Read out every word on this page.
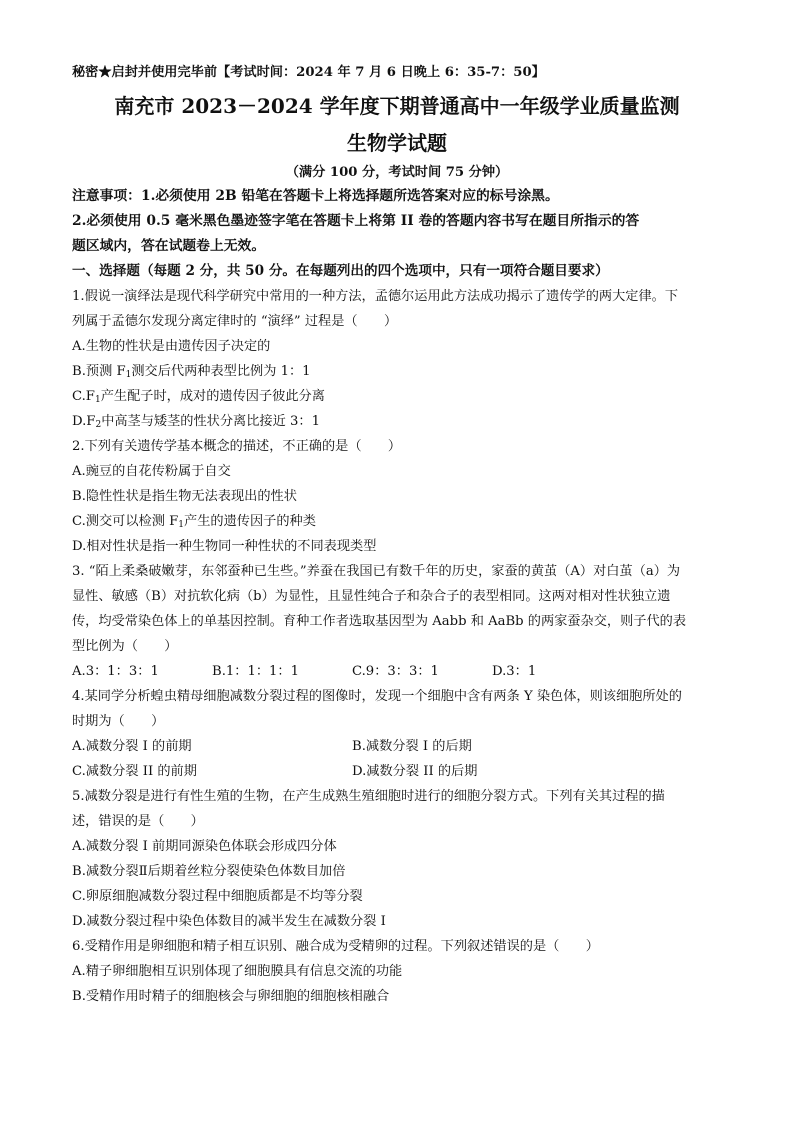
秘密★启封并使用完毕前【考试时间：2024 年 7 月 6 日晚上 6：35-7：50】
南充市 2023－2024 学年度下期普通高中一年级学业质量监测
生物学试题
（满分 100 分，考试时间 75 分钟）
注意事项：1.必须使用 2B 铅笔在答题卡上将选择题所选答案对应的标号涂黑。
2.必须使用 0.5 毫米黑色墨迹签字笔在答题卡上将第 II 卷的答题内容书写在题目所指示的答
题区域内，答在试题卷上无效。
一、选择题（每题 2 分，共 50 分。在每题列出的四个选项中，只有一项符合题目要求）
1.假说一演绎法是现代科学研究中常用的一种方法，孟德尔运用此方法成功揭示了遗传学的两大定律。下
列属于孟德尔发现分离定律时的 “演绎” 过程是（　　）
A.生物的性状是由遗传因子决定的
B.预测 $F_1$测交后代两种表型比例为 1：1
$C.F_1$产生配子时，成对的遗传因子彼此分离
$D.F_2$中高茎与矮茎的性状分离比接近 3：1
2.下列有关遗传学基本概念的描述，不正确的是（　　）
A.豌豆的自花传粉属于自交
B.隐性性状是指生物无法表现出的性状
C.测交可以检测 $F_1$产生的遗传因子的种类
D.相对性状是指一种生物同一种性状的不同表现类型
3. “陌上柔桑破嫩芽，东邻蚕种已生些。”养蚕在我国已有数千年的历史，家蚕的黄茧（A）对白茧（a）为
显性、敏感（B）对抗软化病（b）为显性，且显性纯合子和杂合子的表型相同。这两对相对性状独立遗
传，均受常染色体上的单基因控制。育种工作者选取基因型为 Aabb 和 AaBb 的两家蚕杂交，则子代的表
型比例为（　　）
A.3：1：3：1	B.1：1：1：1	C.9：3：3：1	D.3：1
4.某同学分析蝗虫精母细胞减数分裂过程的图像时，发现一个细胞中含有两条 Y 染色体，则该细胞所处的
时期为（　　）
A.减数分裂 I 的前期	B.减数分裂 I 的后期
C.减数分裂 II 的前期	D.减数分裂 II 的后期
5.减数分裂是进行有性生殖的生物，在产生成熟生殖细胞时进行的细胞分裂方式。下列有关其过程的描
述，错误的是（　　）
A.减数分裂 I 前期同源染色体联会形成四分体
B.减数分裂Ⅱ后期着丝粒分裂使染色体数目加倍
C.卵原细胞减数分裂过程中细胞质都是不均等分裂
D.减数分裂过程中染色体数目的减半发生在减数分裂 I
6.受精作用是卵细胞和精子相互识别、融合成为受精卵的过程。下列叙述错误的是（　　）
A.精子卵细胞相互识别体现了细胞膜具有信息交流的功能
B.受精作用时精子的细胞核会与卵细胞的细胞核相融合
